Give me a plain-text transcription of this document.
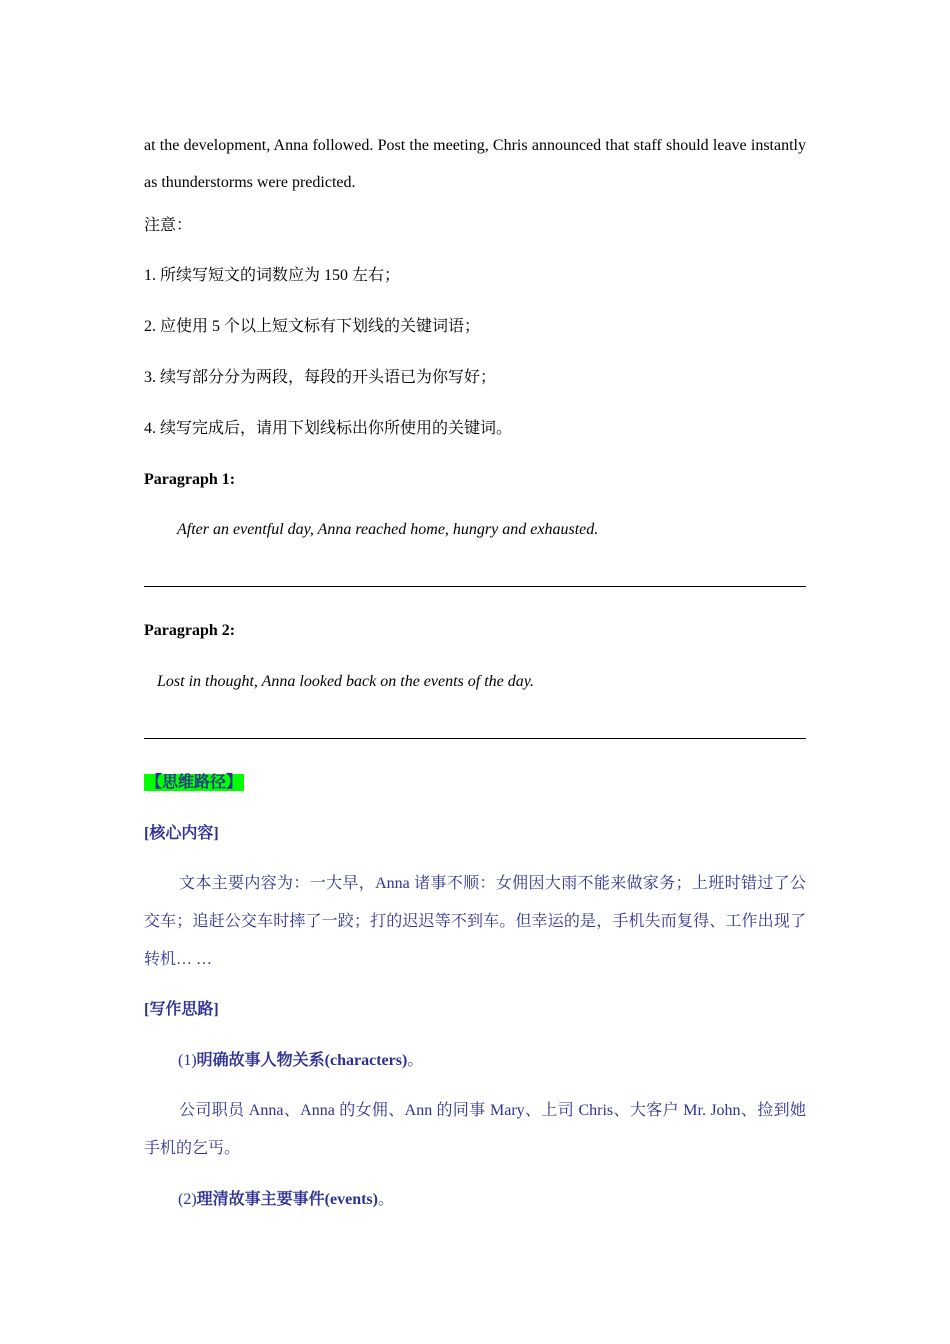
at the development, Anna followed. Post the meeting, Chris announced that staff should leave instantly as thunderstorms were predicted.
注意：
1. 所续写短文的词数应为 150 左右；
2. 应使用 5 个以上短文标有下划线的关键词语；
3. 续写部分分为两段，每段的开头语已为你写好；
4. 续写完成后，请用下划线标出你所使用的关键词。
Paragraph 1:
After an eventful day, Anna reached home, hungry and exhausted.
Paragraph 2:
Lost in thought, Anna looked back on the events of the day.
【思维路径】
[核心内容]
文本主要内容为：一大早，Anna 诸事不顺：女佣因大雨不能来做家务；上班时错过了公交车；追赶公交车时摔了一跤；打的迟迟等不到车。但幸运的是，手机失而复得、工作出现了转机… …
[写作思路]
(1)明确故事人物关系(characters)。
公司职员 Anna、Anna 的女佣、Ann 的同事 Mary、上司 Chris、大客户 Mr. John、捡到她手机的乞丐。
(2)理清故事主要事件(events)。
